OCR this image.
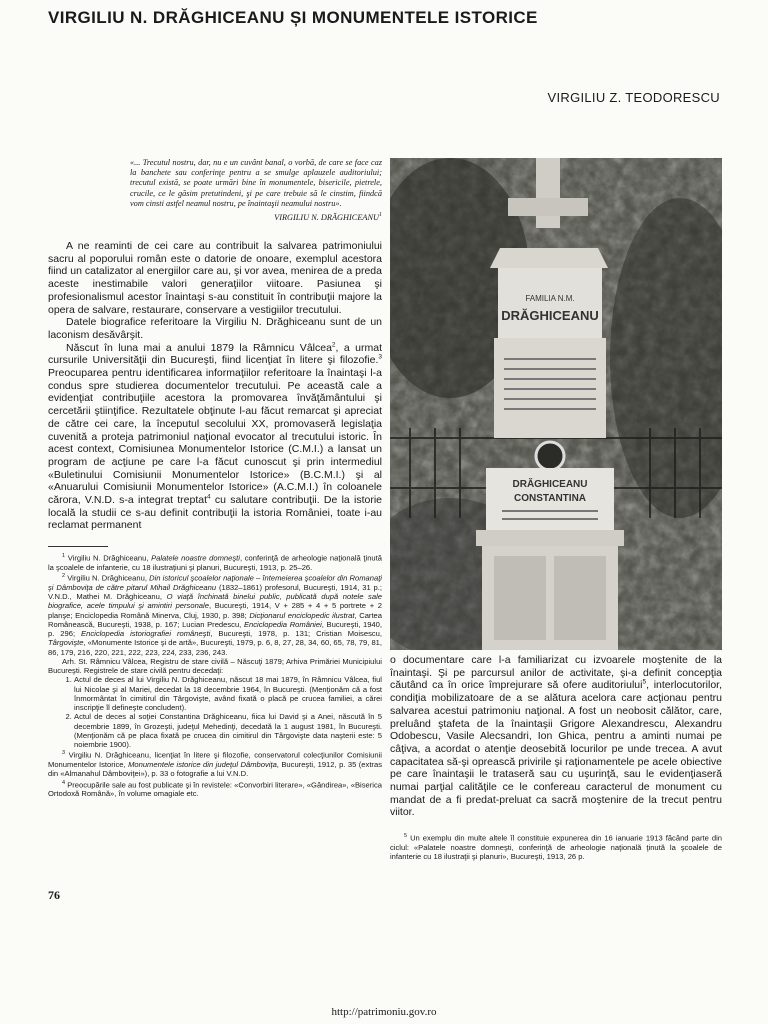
VIRGILIU N. DRĂGHICEANU ȘI MONUMENTELE ISTORICE
VIRGILIU Z. TEODORESCU
«... Trecutul nostru, dar, nu e un cuvânt banal, o vorbă, de care se face caz la banchete sau conferinţe pentru a se smulge aplauzele auditoriului; trecutul există, se poate urmări bine în monumentele, bisericile, pietrele, crucile, ce le găsim pretutindeni, şi pe care trebuie să le cinstim, fiindcă vom cinsti astfel neamul nostru, pe înaintaşii neamului nostru».
VIRGILIU N. DRĂGHICEANU$^1$

A ne reaminti de cei care au contribuit la salvarea patrimoniului sacru al poporului român este o datorie de onoare, exemplul acestora fiind un catalizator al energiilor care au, şi vor avea, menirea de a preda aceste inestimabile valori generaţiilor viitoare. Pasiunea şi profesionalismul acestor înaintaşi s-au constituit în contribuţii majore la opera de salvare, restaurare, conservare a vestigiilor trecutului.

Datele biografice referitoare la Virgiliu N. Drăghiceanu sunt de un laconism desăvârşit.

Născut în luna mai a anului 1879 la Râmnicu Vâlcea$^2$, a urmat cursurile Universităţii din Bucureşti, fiind licenţiat în litere şi filozofie.$^3$ Preocuparea pentru identificarea informaţiilor referitoare la înaintaşi l-a condus spre studierea documentelor trecutului. Pe această cale a evidenţiat contribuţiile acestora la promovarea învăţământului şi cercetării ştiinţifice. Rezultatele obţinute l-au făcut remarcat şi apreciat de către cei care, la începutul secolului XX, promovaseră legislaţia cuvenită a proteja patrimoniul naţional evocator al trecutului istoric. În acest context, Comisiunea Monumentelor Istorice (C.M.I.) a lansat un program de acţiune pe care l-a făcut cunoscut şi prin intermediul «Buletinului Comisiunii Monumentelor Istorice» (B.C.M.I.) şi al «Anuarului Comisiunii Monumentelor Istorice» (A.C.M.I.) în coloanele cărora, V.N.D. s-a integrat treptat$^4$ cu salutare contribuţii. De la istorie locală la studii ce s-au definit contribuţii la istoria României, toate i-au reclamat permanent

$^1$ Virgiliu N. Drăghiceanu, Palatele noastre domneşti, conferinţă de arheologie naţională ţinută la şcoalele de infanterie, cu 18 ilustraţiuni şi planuri, Bucureşti, 1913, p. 25–26.

$^2$ Virgiliu N. Drăghiceanu, Din istoricul şcoalelor naţionale – întemeierea şcoalelor din Romanaţi şi Dâmboviţa de către pitarul Mihail Drăghiceanu (1832–1861) profesorul, Bucureşti, 1914, 31 p.; V.N.D., Mathei M. Drăghiceanu, O viaţă închinată binelui public, publicată după notele sale biografice, acele timpului şi amintiri personale, Bucureşti, 1914, V + 285 + 4 + 5 portrete + 2 planşe; Enciclopedia Română Minerva, Cluj, 1930, p. 398; Dicţionarul enciclopedic ilustrat, Cartea Românească, Bucureşti, 1938, p. 167; Lucian Predescu, Enciclopedia României, Bucureşti, 1940, p. 296; Enciclopedia istoriografiei româneşti, Bucureşti, 1978, p. 131; Cristian Moisescu, Târgovişte, «Monumente Istorice şi de artă», Bucureşti, 1979, p. 6, 8, 27, 28, 34, 60, 65, 78, 79, 81, 86, 179, 216, 220, 221, 222, 223, 224, 233, 236, 243.

Arh. St. Râmnicu Vâlcea, Registru de stare civilă – Născuţi 1879; Arhiva Primăriei Municipiului Bucureşti. Registrele de stare civilă pentru decedaţi:

1. Actul de deces al lui Virgiliu N. Drăghiceanu, născut 18 mai 1879, în Râmnicu Vâlcea, fiul lui Nicolae şi al Mariei, decedat la 18 decembrie 1964, în Bucureşti. (Menţionăm că a fost înmormântat în cimitirul din Târgovişte, având fixată o placă pe crucea familiei, a cărei inscripţie îl defineşte concludent).
2. Actul de deces al soţiei Constantina Drăghiceanu, fiica lui David şi a Anei, născută în 5 decembrie 1899, în Grozeşti, judeţul Mehedinţi, decedată la 1 august 1981, în Bucureşti. (Menţionăm că pe placa fixată pe crucea din cimitirul din Târgovişte data naşterii este: 5 noiembrie 1900).

$^3$ Virgiliu N. Drăghiceanu, licenţiat în litere şi filozofie, conservatorul colecţiunilor Comisiunii Monumentelor Istorice, Monumentele istorice din judeţul Dâmboviţa, Bucureşti, 1912, p. 35 (extras din «Almanahul Dâmboviţei»), p. 33 o fotografie a lui V.N.D.

$^4$ Preocupările sale au fost publicate şi în revistele: «Convorbiri literare», «Gândirea», «Biserica Ortodoxă Română», în volume omagiale etc.

FAMILIA N.M.
DRĂGHICEANU
DRĂGHICEANU
CONSTANTINA

o documentare care l-a familiarizat cu izvoarele moştenite de la înaintaşi. Şi pe parcursul anilor de activitate, şi-a definit concepţia căutând ca în orice împrejurare să ofere auditoriului$^5$, interlocutorilor, condiţia mobilizatoare de a se alătura acelora care acţionau pentru salvarea acestui patrimoniu naţional. A fost un neobosit călător, care, preluând ştafeta de la înaintaşii Grigore Alexandrescu, Alexandru Odobescu, Vasile Alecsandri, Ion Ghica, pentru a aminti numai pe câţiva, a acordat o atenţie deosebită locurilor pe unde trecea. A avut capacitatea să-şi oprească privirile şi raţionamentele pe acele obiective pe care înaintaşii le trataseră sau cu uşurinţă, sau le evidenţiaseră numai parţial calităţile ce le confereau caracterul de monument cu mandat de a fi predat-preluat ca sacră moştenire de la trecut pentru viitor.

$^5$ Un exemplu din multe altele îl constituie expunerea din 16 ianuarie 1913 făcând parte din ciclul: «Palatele noastre domneşti, conferinţă de arheologie naţională ţinută la şcoalele de infanterie cu 18 ilustraţii şi planuri», Bucureşti, 1913, 26 p.

76
http://patrimoniu.gov.ro
